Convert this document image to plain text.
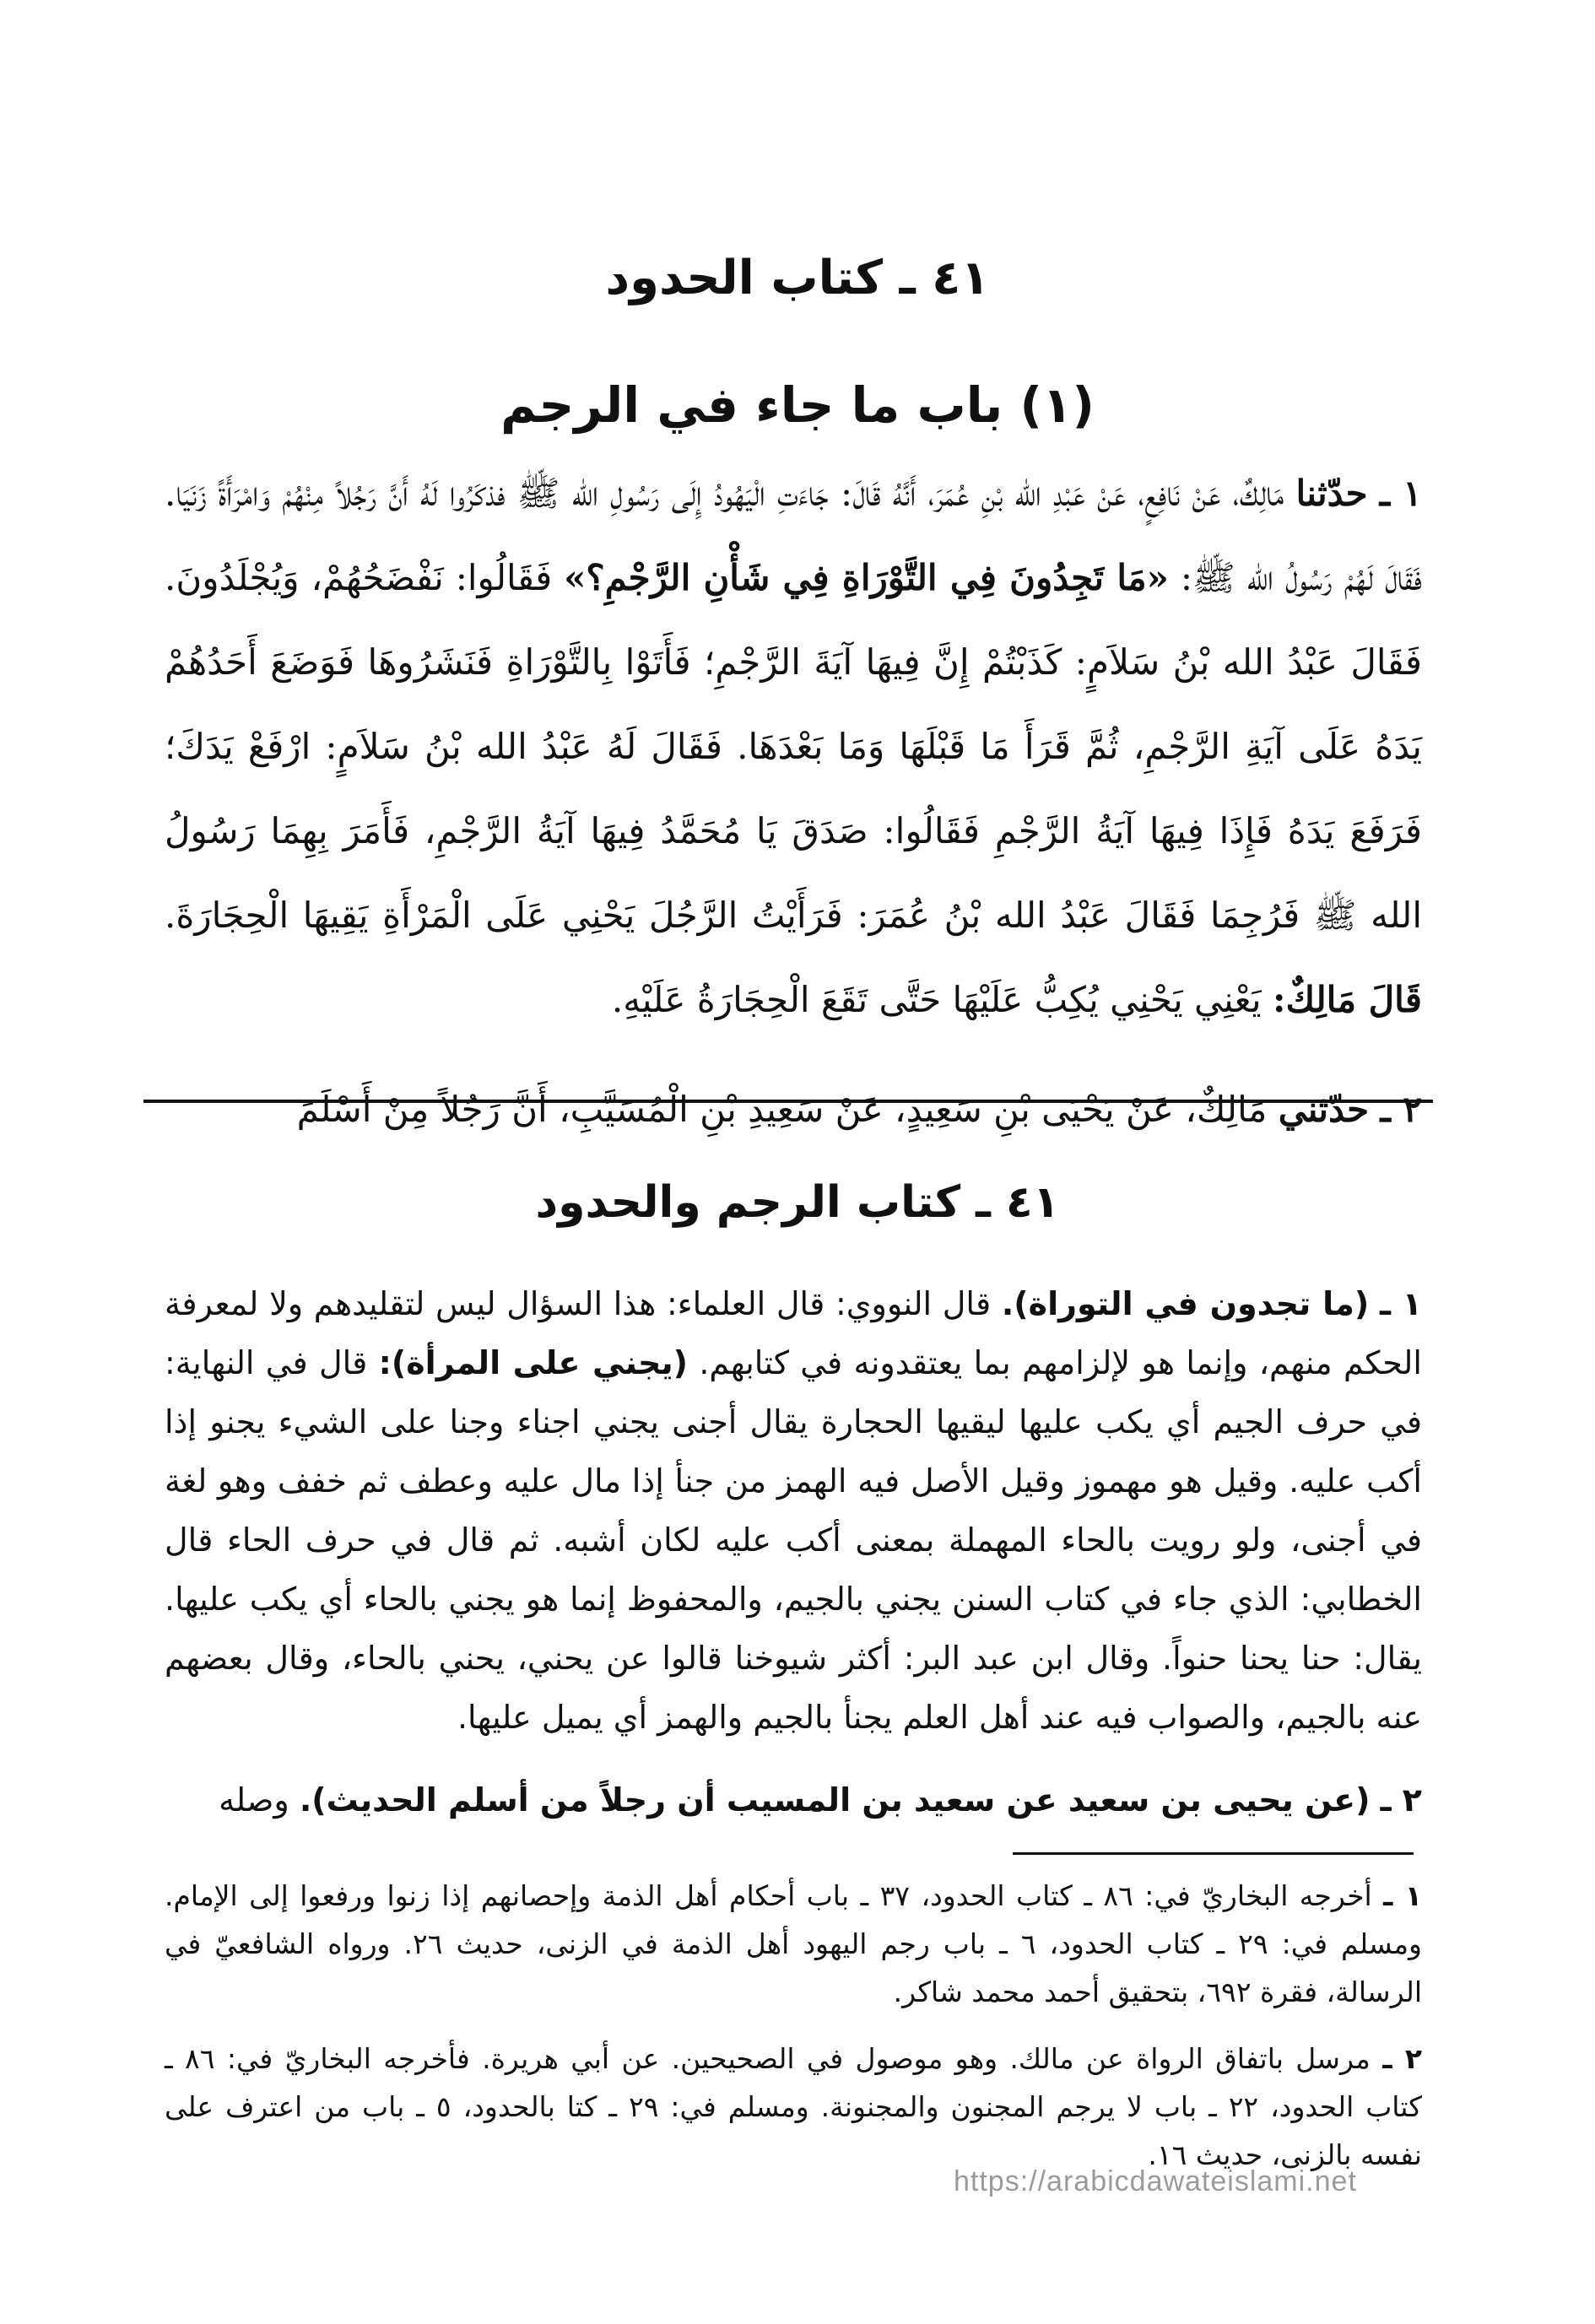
٤١ ـ كتاب الحدود
(١) باب ما جاء في الرجم

١ ـ حدّثنا مَالِكٌ، عَنْ نَافِعٍ، عَنْ عَبْدِ الله بْنِ عُمَرَ، أَنَّهُ قَالَ: جَاءَتِ الْيَهُودُ إِلَى رَسُولِ الله ﷺ فذكَرُوا لَهُ أَنَّ رَجُلاً مِنْهُمْ وَامْرَأَةً زَنَيَا. فَقَالَ لَهُمْ رَسُولُ الله ﷺ: «مَا تَجِدُونَ فِي التَّوْرَاةِ فِي شَأْنِ الرَّجْمِ؟» فَقَالُوا: نَفْضَحُهُمْ، وَيُجْلَدُونَ. فَقَالَ عَبْدُ الله بْنُ سَلاَمٍ: كَذَبْتُمْ إِنَّ فِيهَا آيَةَ الرَّجْمِ؛ فَأَتَوْا بِالتَّوْرَاةِ فَنَشَرُوهَا فَوَضَعَ أَحَدُهُمْ يَدَهُ عَلَى آيَةِ الرَّجْمِ، ثُمَّ قَرَأَ مَا قَبْلَهَا وَمَا بَعْدَهَا. فَقَالَ لَهُ عَبْدُ الله بْنُ سَلاَمٍ: ارْفَعْ يَدَكَ؛ فَرَفَعَ يَدَهُ فَإِذَا فِيهَا آيَةُ الرَّجْمِ فَقَالُوا: صَدَقَ يَا مُحَمَّدُ فِيهَا آيَةُ الرَّجْمِ، فَأَمَرَ بِهِمَا رَسُولُ الله ﷺ فَرُجِمَا فَقَالَ عَبْدُ الله بْنُ عُمَرَ: فَرَأَيْتُ الرَّجُلَ يَحْنِي عَلَى الْمَرْأَةِ يَقِيهَا الْحِجَارَةَ. قَالَ مَالِكٌ: يَعْنِي يَحْنِي يُكِبُّ عَلَيْهَا حَتَّى تَقَعَ الْحِجَارَةُ عَلَيْهِ.

٢ ـ حدّثني مَالِكٌ، عَنْ يَحْيَى بْنِ سَعِيدٍ، عَنْ سَعِيدِ بْنِ الْمُسَيَّبِ، أَنَّ رَجُلاً مِنْ أَسْلَمَ

٤١ ـ كتاب الرجم والحدود

١ ـ (ما تجدون في التوراة). قال النووي: قال العلماء: هذا السؤال ليس لتقليدهم ولا لمعرفة الحكم منهم، وإنما هو لإلزامهم بما يعتقدونه في كتابهم. (يجني على المرأة): قال في النهاية: في حرف الجيم أي يكب عليها ليقيها الحجارة يقال أجنى يجني اجناء وجنا على الشيء يجنو إذا أكب عليه. وقيل هو مهموز وقيل الأصل فيه الهمز من جنأ إذا مال عليه وعطف ثم خفف وهو لغة في أجنى، ولو رويت بالحاء المهملة بمعنى أكب عليه لكان أشبه. ثم قال في حرف الحاء قال الخطابي: الذي جاء في كتاب السنن يجني بالجيم، والمحفوظ إنما هو يجني بالحاء أي يكب عليها. يقال: حنا يحنا حنواً. وقال ابن عبد البر: أكثر شيوخنا قالوا عن يحني، يحني بالحاء، وقال بعضهم عنه بالجيم، والصواب فيه عند أهل العلم يجنأ بالجيم والهمز أي يميل عليها.

٢ ـ (عن يحيى بن سعيد عن سعيد بن المسيب أن رجلاً من أسلم الحديث). وصله

١ ـ أخرجه البخاريّ في: ٨٦ ـ كتاب الحدود، ٣٧ ـ باب أحكام أهل الذمة وإحصانهم إذا زنوا ورفعوا إلى الإمام. ومسلم في: ٢٩ ـ كتاب الحدود، ٦ ـ باب رجم اليهود أهل الذمة في الزنى، حديث ٢٦. ورواه الشافعيّ في الرسالة، فقرة ٦٩٢، بتحقيق أحمد محمد شاكر.

٢ ـ مرسل باتفاق الرواة عن مالك. وهو موصول في الصحيحين. عن أبي هريرة. فأخرجه البخاريّ في: ٨٦ ـ كتاب الحدود، ٢٢ ـ باب لا يرجم المجنون والمجنونة. ومسلم في: ٢٩ ـ كتا بالحدود، ٥ ـ باب من اعترف على نفسه بالزنى، حديث ١٦.

https://arabicdawateislami.net
